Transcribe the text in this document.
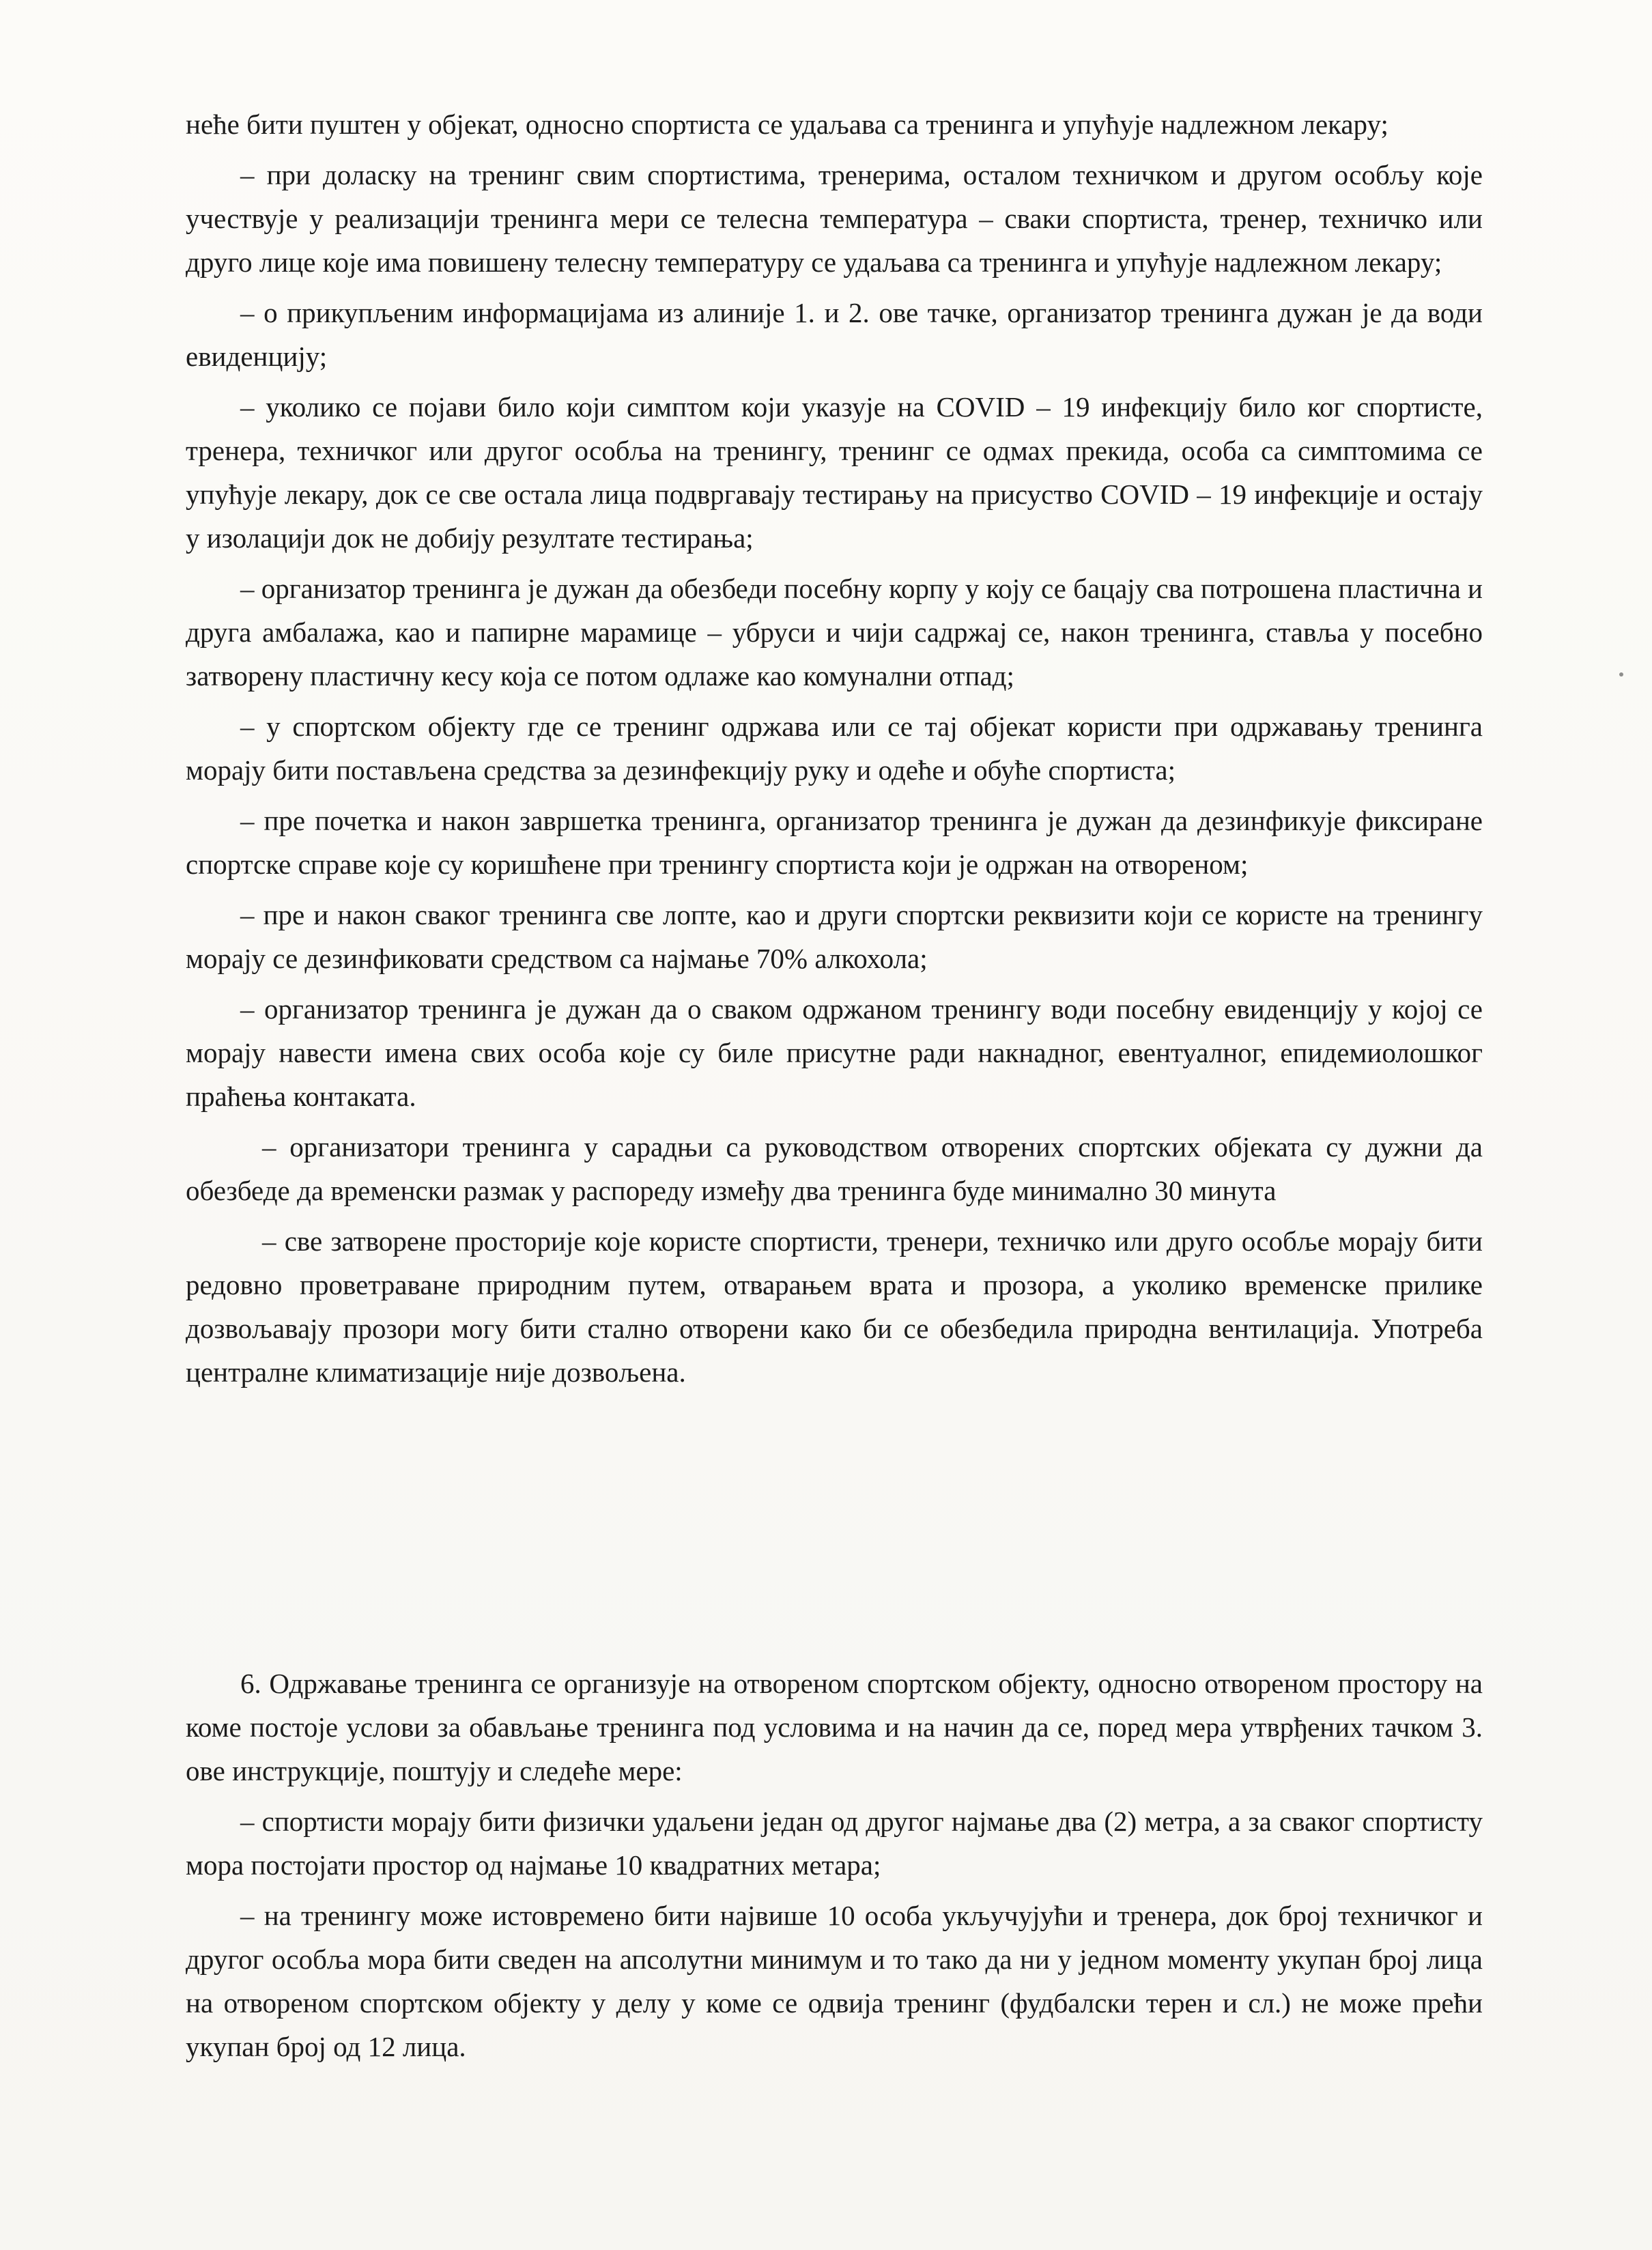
неће бити пуштен у објекат, односно спортиста се удаљава са тренинга и упућује надлежном лекару;

– при доласку на тренинг свим спортистима, тренерима, осталом техничком и другом особљу које учествује у реализацији тренинга мери се телесна температура – сваки спортиста, тренер, техничко или друго лице које има повишену телесну температуру се удаљава са тренинга и упућује надлежном лекару;

– о прикупљеним информацијама из алиније 1. и 2. ове тачке, организатор тренинга дужан је да води евиденцију;

– уколико се појави било који симптом који указује на COVID – 19 инфекцију било ког спортисте, тренера, техничког или другог особља на тренингу, тренинг се одмах прекида, особа са симптомима се упућује лекару, док се све остала лица подвргавају тестирању на присуство COVID – 19 инфекције и остају у изолацији док не добију резултате тестирања;

– организатор тренинга је дужан да обезбеди посебну корпу у коју се бацају сва потрошена пластична и друга амбалажа, као и папирне марамице – убруси и чији садржај се, након тренинга, ставља у посебно затворену пластичну кесу која се потом одлаже као комунални отпад;

– у спортском објекту где се тренинг одржава или се тај објекат користи при одржавању тренинга морају бити постављена средства за дезинфекцију руку и одеће и обуће спортиста;

– пре почетка и након завршетка тренинга, организатор тренинга је дужан да дезинфикује фиксиране спортске справе које су коришћене при тренингу спортиста који је одржан на отвореном;

– пре и након сваког тренинга све лопте, као и други спортски реквизити који се користе на тренингу морају се дезинфиковати средством са најмање 70% алкохола;

– организатор тренинга је дужан да о сваком одржаном тренингу води посебну евиденцију у којој се морају навести имена свих особа које су биле присутне ради накнадног, евентуалног, епидемиолошког праћења контаката.

– организатори тренинга у сарадњи са руководством отворених спортских објеката су дужни да обезбеде да временски размак у распореду између два тренинга буде минимално 30 минута

– све затворене просторије које користе спортисти, тренери, техничко или друго особље морају бити редовно проветраване природним путем, отварањем врата и прозора, а уколико временске прилике дозвољавају прозори могу бити стално отворени како би се обезбедила природна вентилација. Употреба централне климатизације није дозвољена.

6. Одржавање тренинга се организује на отвореном спортском објекту, односно отвореном простору на коме постоје услови за обављање тренинга под условима и на начин да се, поред мера утврђених тачком 3. ове инструкције, поштују и следеће мере:

– спортисти морају бити физички удаљени један од другог најмање два (2) метра, а за сваког спортисту мора постојати простор од најмање 10 квадратних метара;

– на тренингу може истовремено бити највише 10 особа укључујући и тренера, док број техничког и другог особља мора бити сведен на апсолутни минимум и то тако да ни у једном моменту укупан број лица на отвореном спортском објекту у делу у коме се одвија тренинг (фудбалски терен и сл.) не може прећи укупан број од 12 лица.
